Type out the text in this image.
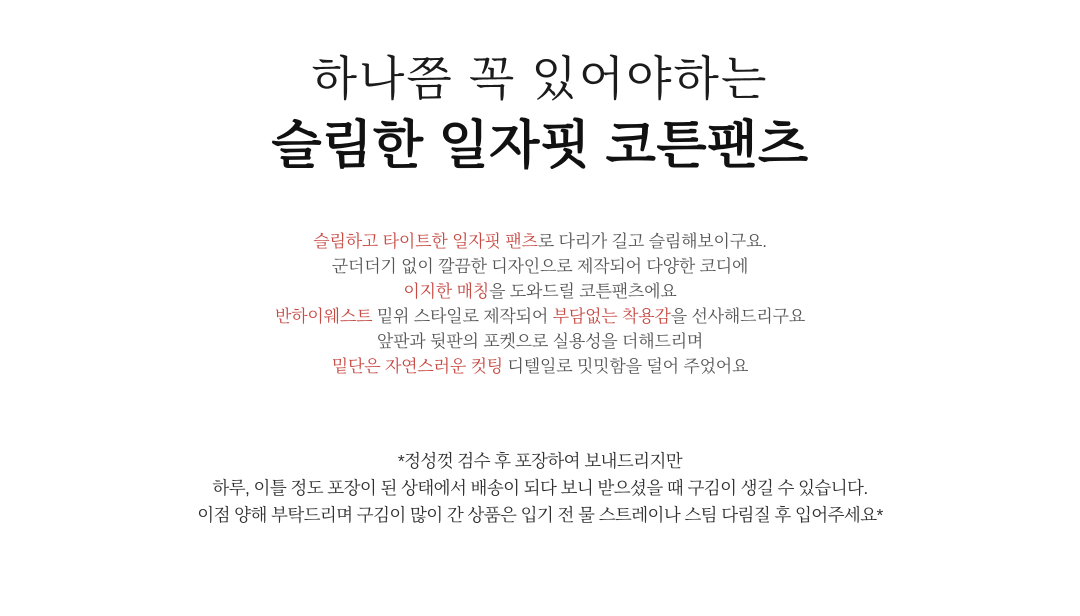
하나쯤 꼭 있어야하는
슬림한 일자핏 코튼팬츠
슬림하고 타이트한 일자핏 팬츠로 다리가 길고 슬림해보이구요.
군더더기 없이 깔끔한 디자인으로 제작되어 다양한 코디에
이지한 매칭을 도와드릴 코튼팬츠에요
반하이웨스트 밑위 스타일로 제작되어 부담없는 착용감을 선사해드리구요
앞판과 뒷판의 포켓으로 실용성을 더해드리며
밑단은 자연스러운 컷팅 디텔일로 밋밋함을 덜어 주었어요
*정성껏 검수 후 포장하여 보내드리지만
하루, 이틀 정도 포장이 된 상태에서 배송이 되다 보니 받으셨을 때 구김이 생길 수 있습니다.
이점 양해 부탁드리며 구김이 많이 간 상품은 입기 전 물 스트레이나 스팀 다림질 후 입어주세요*
